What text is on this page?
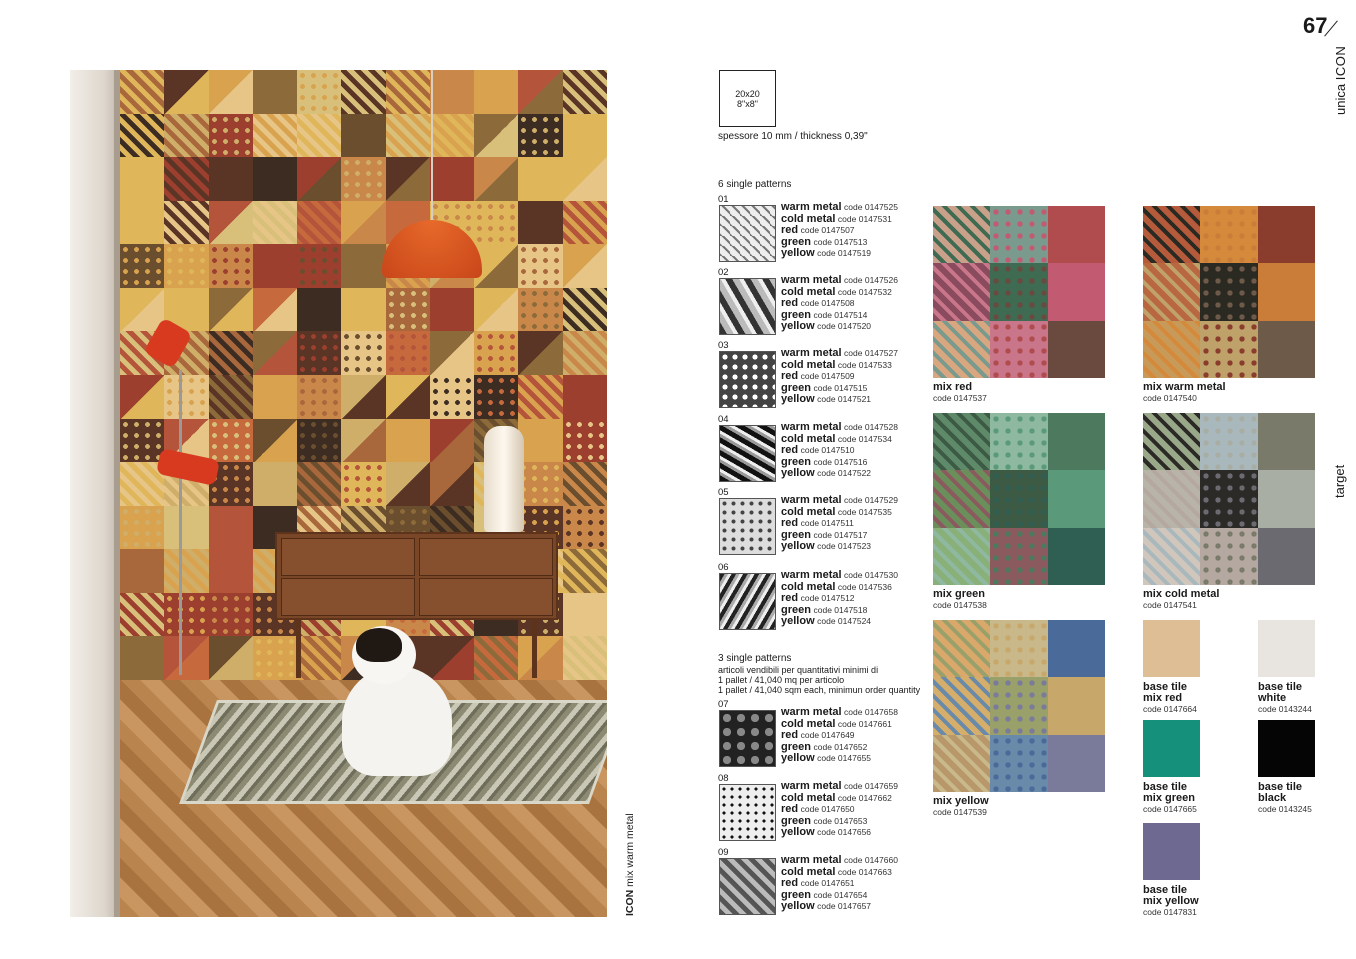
ICON mix warm metal
20x20
8"x8"
spessore 10 mm / thickness 0,39"
6 single patterns
3 single patterns
articoli vendibili per quantitativi minimi di
1 pallet / 41,040 mq per articolo
1 pallet / 41,040 sqm each, minimun order quantity
01
warm metal code 0147525
cold metal code 0147531
red code 0147507
green code 0147513
yellow code 0147519
02
warm metal code 0147526
cold metal code 0147532
red code 0147508
green code 0147514
yellow code 0147520
03
warm metal code 0147527
cold metal code 0147533
red code 0147509
green code 0147515
yellow code 0147521
04
warm metal code 0147528
cold metal code 0147534
red code 0147510
green code 0147516
yellow code 0147522
05
warm metal code 0147529
cold metal code 0147535
red code 0147511
green code 0147517
yellow code 0147523
06
warm metal code 0147530
cold metal code 0147536
red code 0147512
green code 0147518
yellow code 0147524
07
warm metal code 0147658
cold metal code 0147661
red code 0147649
green code 0147652
yellow code 0147655
08
warm metal code 0147659
cold metal code 0147662
red code 0147650
green code 0147653
yellow code 0147656
09
warm metal code 0147660
cold metal code 0147663
red code 0147651
green code 0147654
yellow code 0147657
mix red
code 0147537
mix warm metal
code 0147540
mix green
code 0147538
mix cold metal
code 0147541
mix yellow
code 0147539
base tile
mix red
code 0147664
base tile
white
code 0143244
base tile
mix green
code 0147665
base tile
black
code 0143245
base tile
mix yellow
code 0147831
67
unica ICON
target
